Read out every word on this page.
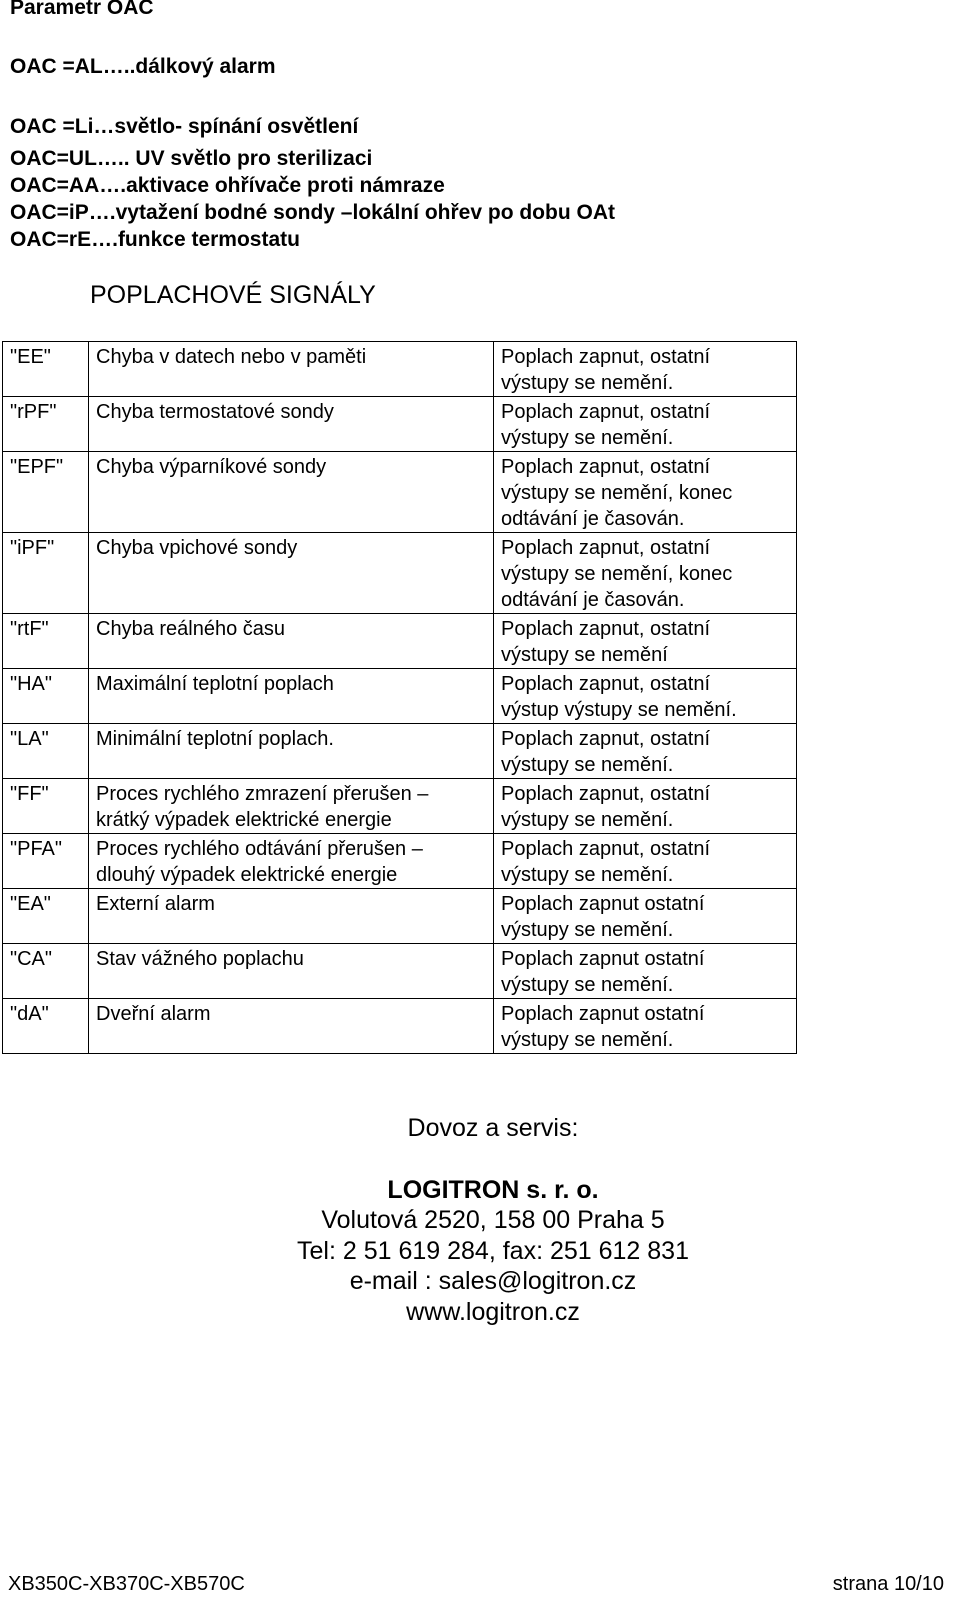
Parametr OAC
OAC =AL…..dálkový alarm
OAC =Li…světlo- spínání osvětlení
OAC=UL….. UV světlo pro sterilizaci
OAC=AA….aktivace ohřívače proti námraze
OAC=iP….vytažení bodné sondy –lokální ohřev po dobu OAt
OAC=rE….funkce termostatu
POPLACHOVÉ SIGNÁLY
"EE"	Chyba v datech nebo v paměti	Poplach zapnut, ostatní
výstupy se nemění.

"rPF"	Chyba termostatové sondy	Poplach zapnut, ostatní
výstupy se nemění.

"EPF"	Chyba výparníkové sondy	Poplach zapnut, ostatní
výstupy se nemění, konec
odtávání je časován.

"iPF"	Chyba vpichové sondy	Poplach zapnut, ostatní
výstupy se nemění, konec
odtávání je časován.

"rtF"	Chyba reálného času	Poplach zapnut, ostatní
výstupy se nemění

"HA"	Maximální teplotní poplach	Poplach zapnut, ostatní
výstup výstupy se nemění.

"LA"	Minimální teplotní poplach.	Poplach zapnut, ostatní
výstupy se nemění.

"FF"	Proces rychlého zmrazení přerušen –
krátký výpadek elektrické energie	Poplach zapnut, ostatní
výstupy se nemění.

"PFA"	Proces rychlého odtávání přerušen –
dlouhý výpadek elektrické energie	Poplach zapnut, ostatní
výstupy se nemění.

"EA"	Externí alarm	Poplach zapnut ostatní
výstupy se nemění.

"CA"	Stav vážného poplachu	Poplach zapnut ostatní
výstupy se nemění.

"dA"	Dveřní alarm	Poplach zapnut ostatní
výstupy se nemění.
Dovoz a servis:
LOGITRON s. r. o.
Volutová 2520, 158 00 Praha 5
Tel: 2 51 619 284, fax: 251 612 831
e-mail : sales@logitron.cz
www.logitron.cz
XB350C-XB370C-XB570C	strana 10/10
